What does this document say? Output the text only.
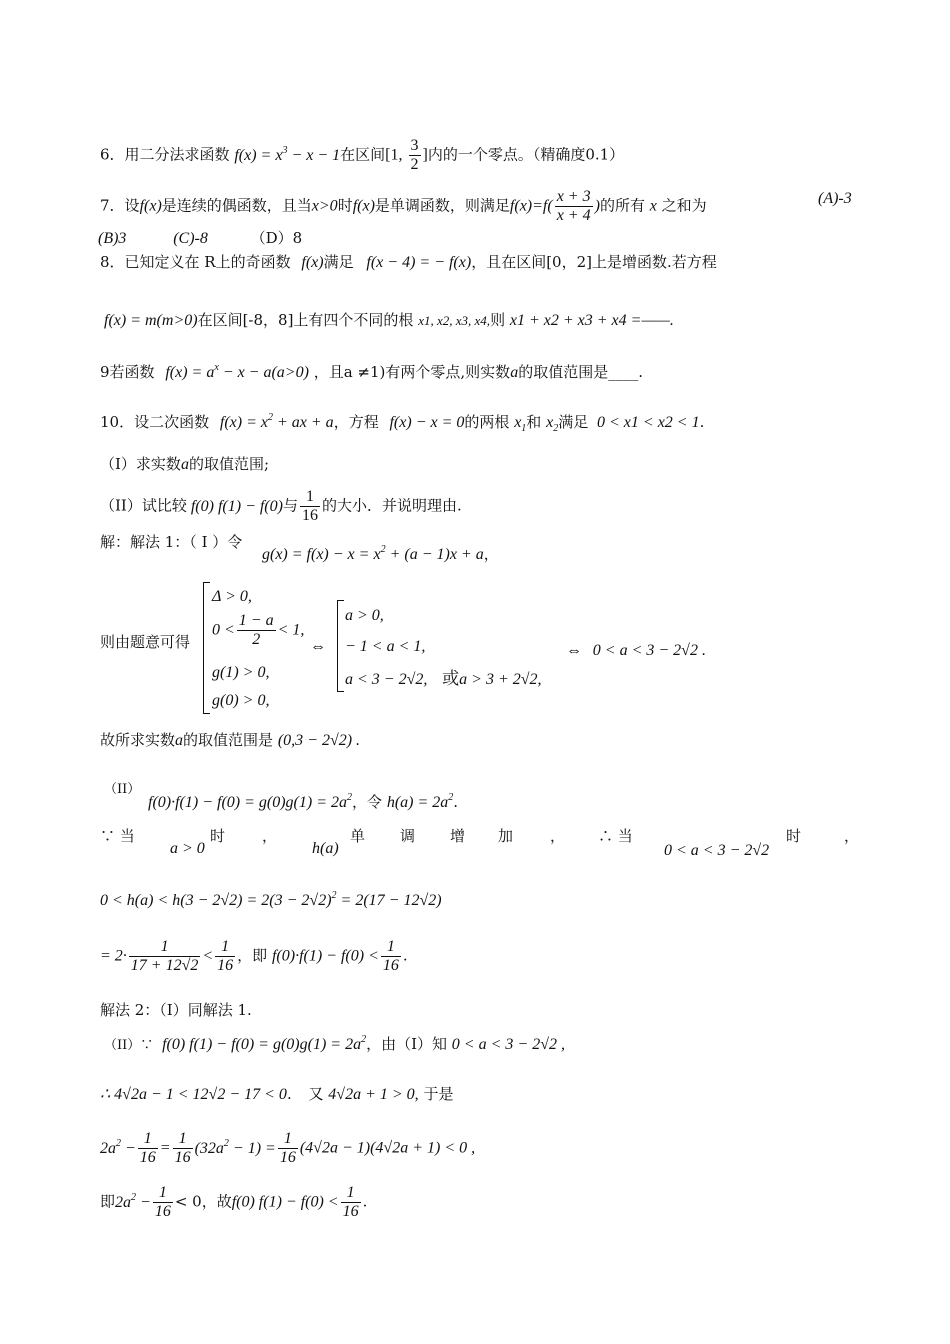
6．用二分法求函数 $f(x) = x^3 - x - 1$在区间[1, $\frac{3}{2}$ ]内的一个零点。（精确度0.1）
7．设f(x)是连续的偶函数，且当x>0时f(x)是单调函数，则满足$f(x)=f( \frac{x + 3}{x + 4}$ )的所有 x 之和为	(A)-3
(B)3	(C)-8	（D）8
8．已知定义在 R上的奇函数 f(x)满足 f(x − 4) = − f(x)，且在区间[0，2]上是增函数.若方程
f(x) = m(m>0)在区间[-8，8]上有四个不同的根 x1, x2, x3, x4,则 x1 + x2 + x3 + x4 =——.
9若函数 $f(x) = a^x - x - a(a>0)$ ，且a ≠1)有两个零点,则实数a的取值范围是____.
10．设二次函数 $f(x) = x^2$ + ax + a，方程 f(x) − x = 0的两根 $x_1$和 $x_2$满足 0 < x1 < x2 < 1.
（I）求实数a的取值范围;
（II）试比较 f(0) f(1) − f(0)与 $\frac{1}{16}$ 的大小．并说明理由.
解：解法 1：（ Ⅰ ）令
$g(x) = f(x) - x = x^2 + (a - 1)x + a$，
则由题意可得
Δ > 0,
$0 < \frac{1 - a}{2} < 1$,
g(1) > 0,
g(0) > 0,
⇔
a > 0,
− 1 < a < 1,
a < 3 − 2√2, 或a > 3 + 2√2,
⇔ 0 < a < 3 − 2√2 .
故所求实数a的取值范围是 (0,3 − 2√2) .
（II）
$f(0)\cdot f(1) - f(0) = g(0)g(1) = 2a^2$，令 $h(a) = 2a^2$.
∵ 当
a > 0
时 ，
h(a)
单 调 增 加 ， ∴ 当
0 < a < 3 − 2√2
时	，
$0 < h(a) < h(3 - 2√2) = 2(3 - 2√2)^2 = 2(17 - 12√2)$
= $2\cdot \frac{1}{17 + 12√2} < \frac{1}{16}$ ，即 $f(0)\cdot f(1) - f(0) < \frac{1}{16}$ .
解法 2：（I）同解法 1.
（II）∵ f(0) $f(1) - f(0) = g(0)g(1) = 2a^2$，由（I）知 0 < a < 3 − 2√2 ,
∴ 4√2a − 1 < 12√2 − 17 < 0. 又 4√2a + 1 > 0, 于是
$2a^2 - \frac{1}{16} = \frac{1}{16} (32a^2 - 1) = \frac{1}{16} (4√2a - 1)(4√2a + 1) < 0$ ,
即$2a^2 - \frac{1}{16} < 0$，故f(0) $f(1) - f(0) < \frac{1}{16}$ .
